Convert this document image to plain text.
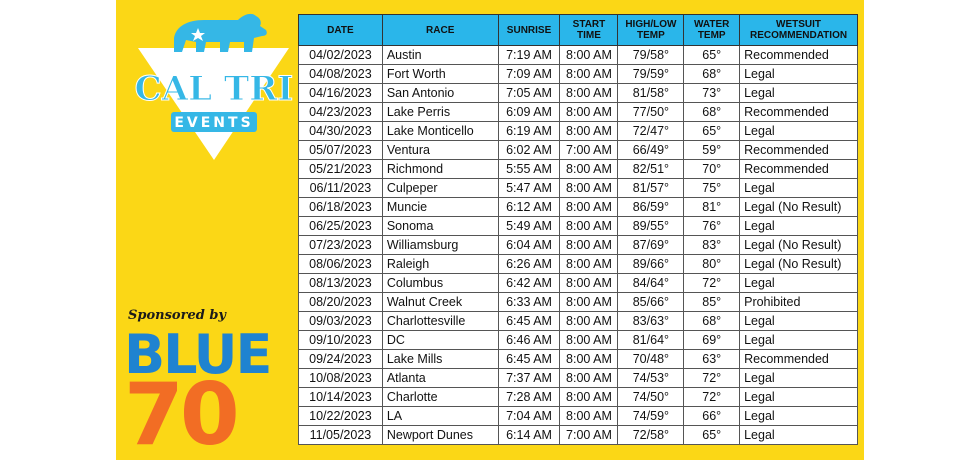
CAL TRI
EVENTS
Sponsored by
BLUE
70
DATE	RACE	SUNRISE	START TIME	HIGH/LOW TEMP	WATER TEMP	WETSUIT RECOMMENDATION
04/02/2023	Austin	7:19 AM	8:00 AM	79/58°	65°	Recommended
04/08/2023	Fort Worth	7:09 AM	8:00 AM	79/59°	68°	Legal
04/16/2023	San Antonio	7:05 AM	8:00 AM	81/58°	73°	Legal
04/23/2023	Lake Perris	6:09 AM	8:00 AM	77/50°	68°	Recommended
04/30/2023	Lake Monticello	6:19 AM	8:00 AM	72/47°	65°	Legal
05/07/2023	Ventura	6:02 AM	7:00 AM	66/49°	59°	Recommended
05/21/2023	Richmond	5:55 AM	8:00 AM	82/51°	70°	Recommended
06/11/2023	Culpeper	5:47 AM	8:00 AM	81/57°	75°	Legal
06/18/2023	Muncie	6:12 AM	8:00 AM	86/59°	81°	Legal (No Result)
06/25/2023	Sonoma	5:49 AM	8:00 AM	89/55°	76°	Legal
07/23/2023	Williamsburg	6:04 AM	8:00 AM	87/69°	83°	Legal (No Result)
08/06/2023	Raleigh	6:26 AM	8:00 AM	89/66°	80°	Legal (No Result)
08/13/2023	Columbus	6:42 AM	8:00 AM	84/64°	72°	Legal
08/20/2023	Walnut Creek	6:33 AM	8:00 AM	85/66°	85°	Prohibited
09/03/2023	Charlottesville	6:45 AM	8:00 AM	83/63°	68°	Legal
09/10/2023	DC	6:46 AM	8:00 AM	81/64°	69°	Legal
09/24/2023	Lake Mills	6:45 AM	8:00 AM	70/48°	63°	Recommended
10/08/2023	Atlanta	7:37 AM	8:00 AM	74/53°	72°	Legal
10/14/2023	Charlotte	7:28 AM	8:00 AM	74/50°	72°	Legal
10/22/2023	LA	7:04 AM	8:00 AM	74/59°	66°	Legal
11/05/2023	Newport Dunes	6:14 AM	7:00 AM	72/58°	65°	Legal
